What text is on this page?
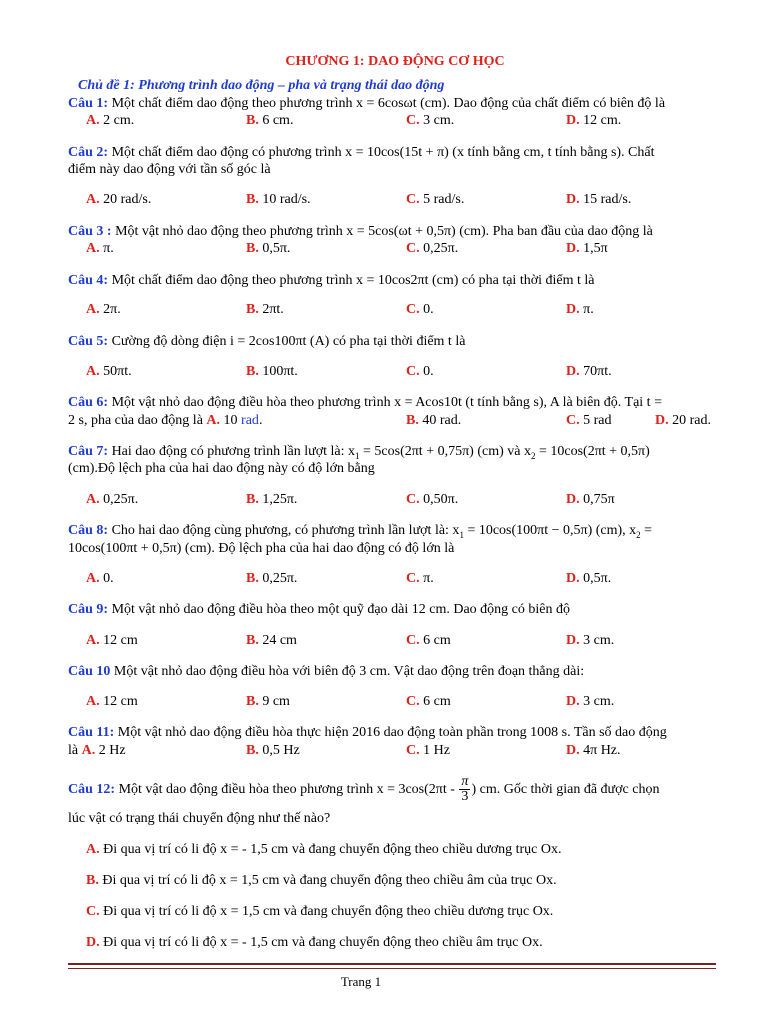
CHƯƠNG 1: DAO ĐỘNG CƠ HỌC
Chủ đề 1: Phương trình dao động – pha và trạng thái dao động
Câu 1: Một chất điểm dao động theo phương trình x = 6cosωt (cm). Dao động của chất điểm có biên độ là
A. 2 cm.	B. 6 cm.	C. 3 cm.	D. 12 cm.
Câu 2: Một chất điểm dao động có phương trình x = 10cos(15t + π) (x tính bằng cm, t tính bằng s). Chất
điểm này dao động với tần số góc là
A. 20 rad/s.	B. 10 rad/s.	C. 5 rad/s.	D. 15 rad/s.
Câu 3 : Một vật nhỏ dao động theo phương trình x = 5cos(ωt + 0,5π) (cm). Pha ban đầu của dao động là
A. π.	B. 0,5π.	C. 0,25π.	D. 1,5π
Câu 4: Một chất điểm dao động theo phương trình x = 10cos2πt (cm) có pha tại thời điểm t là
A. 2π.	B. 2πt.	C. 0.	D. π.
Câu 5: Cường độ dòng điện i = 2cos100πt (A) có pha tại thời điểm t là
A. 50πt.	B. 100πt.	C. 0.	D. 70πt.
Câu 6: Một vật nhỏ dao động điều hòa theo phương trình x = Acos10t (t tính bằng s), A là biên độ. Tại t =
2 s, pha của dao động là A. 10 rad.	B. 40 rad.	C. 5 rad	D. 20 rad.
Câu 7: Hai dao động có phương trình lần lượt là: $x_1 = 5\cos(2\pi t + 0,75\pi)$ (cm) và $x_2 = 10\cos(2\pi t + 0,5\pi)$
(cm).Độ lệch pha của hai dao động này có độ lớn bằng
A. 0,25π.	B. 1,25π.	C. 0,50π.	D. 0,75π
Câu 8: Cho hai dao động cùng phương, có phương trình lần lượt là: $x_1 = 10\cos(100\pi t - 0,5\pi)$ (cm), $x_2$ =
10cos(100πt + 0,5π) (cm). Độ lệch pha của hai dao động có độ lớn là
A. 0.	B. 0,25π.	C. π.	D. 0,5π.
Câu 9: Một vật nhỏ dao động điều hòa theo một quỹ đạo dài 12 cm. Dao động có biên độ
A. 12 cm	B. 24 cm	C. 6 cm	D. 3 cm.
Câu 10 Một vật nhỏ dao động điều hòa với biên độ 3 cm. Vật dao động trên đoạn thẳng dài:
A. 12 cm	B. 9 cm	C. 6 cm	D. 3 cm.
Câu 11: Một vật nhỏ dao động điều hòa thực hiện 2016 dao động toàn phần trong 1008 s. Tần số dao động
là A. 2 Hz	B. 0,5 Hz	C. 1 Hz	D. 4π Hz.
Câu 12: Một vật dao động điều hòa theo phương trình $x = 3\cos(2\pi t - \frac{\pi}{3}$ ) cm. Gốc thời gian đã được chọn
lúc vật có trạng thái chuyển động như thế nào?
A. Đi qua vị trí có li độ x = - 1,5 cm và đang chuyển động theo chiều dương trục Ox.
B. Đi qua vị trí có li độ x = 1,5 cm và đang chuyển động theo chiều âm của trục Ox.
C. Đi qua vị trí có li độ x = 1,5 cm và đang chuyển động theo chiều dương trục Ox.
D. Đi qua vị trí có li độ x = - 1,5 cm và đang chuyển động theo chiều âm trục Ox.
Trang 1
